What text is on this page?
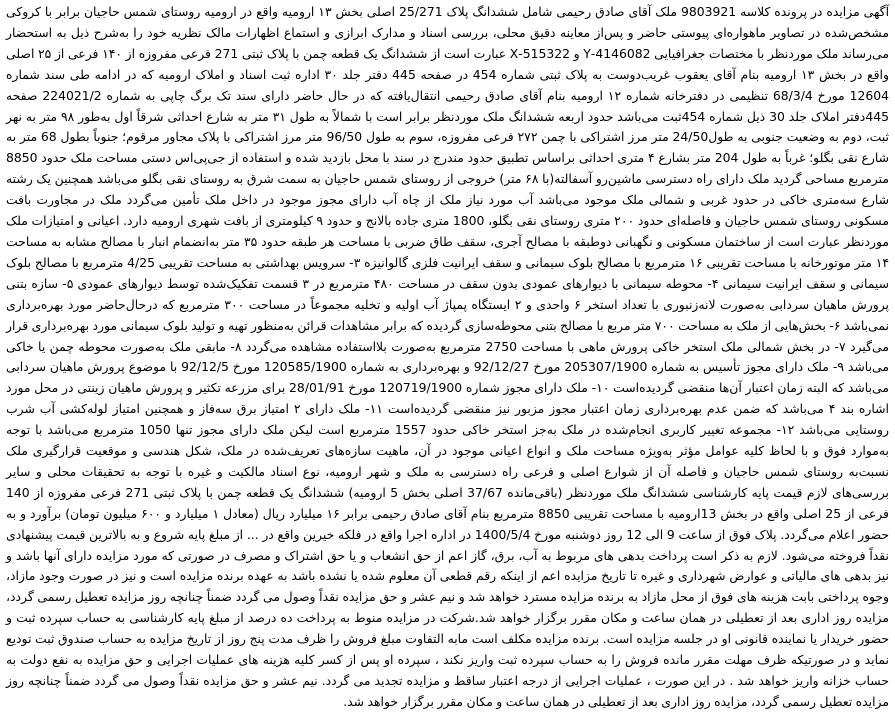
آگهی مزایده در پرونده کلاسه 9803921 ملک آقای صادق رحیمی شامل ششدانگ پلاک 25/271 اصلی بخش ۱۳ ارومیه واقع در ارومیه روستای شمس حاجیان برابر با کروکی مشخص‌شده در تصاویر ماهواره‌ای پیوستی حاضر و پس‌از معاینه دقیق محلی، بررسی اسناد و مدارک ابرازی و استماع اظهارات مالک نظریه خود را به‌شرح ذیل به استحضار می‌رساند ملک موردنظر با مختصات جغرافیایی 4146082-Y و 515322-X عبارت است از ششدانگ یک قطعه چمن با پلاک ثبتی 271 فرعی مفروزه از ۱۴۰ فرعی از ۲۵ اصلی واقع در بخش ۱۳ ارومیه بنام آقای یعقوب غریب‌دوست به پلاک ثبتی شماره 454 در صفحه 445 دفتر جلد ۳۰ اداره ثبت اسناد و املاک ارومیه که در ادامه طی سند شماره 12604 مورخ 68/3/4 تنظیمی در دفترخانه شماره ۱۲ ارومیه بنام آقای صادق رحیمی انتقال‌یافته که در حال حاضر دارای سند تک برگ چاپی به شماره 224021/2 صفحه 445دفتر املاک جلد 30 ذیل شماره 454ثبت می‌باشد حدود اربعه ششدانگ ملک موردنظر برابر است با شمالاً به طول ۳۱ متر به شارع احداثی شرقاً اول به‌طور ۹۸ متر به نهر ثبت، دوم به وضعیت جنوبی به طول24/50 متر مرز اشتراکی با چمن ۲۷۲ فرعی مفروزه، سوم به طول 96/50 متر مرز اشتراکی با پلاک مجاور مرقوم؛ جنوباً بطول 68 متر به شارع نقی بگلو؛ غرباً به طول 204 متر بشارع ۴ متری احداثی براساس تطبیق حدود مندرج در سند با محل بازدید شده و استفاده از جی‌پی‌اس دستی مساحت ملک حدود 8850 مترمربع مساحی گردید ملک دارای راه دسترسی ماشین‌رو آسفالته(با ۶۸ متر) خروجی از روستای شمس حاجیان به سمت شرق به روستای نقی بگلو می‌باشد همچنین یک رشته شارع سه‌متری خاکی در حدود غربی و شمالی ملک موجود می‌باشد آب مورد نیاز ملک از چاه آب دارای مجوز موجود در داخل ملک تأمین می‌گردد ملک در مجاورت بافت مسکونی روستای شمس حاجیان و فاصله‌ای حدود ۲۰۰ متری روستای نقی بگلو، 1800 متری جاده بالانج و حدود ۹ کیلومتری از بافت شهری ارومیه دارد. اعیانی و امتیازات ملک موردنظر عبارت است از ساختمان مسکونی و نگهبانی دوطبقه با مصالح آجری، سقف طاق ضربی با مساحت هر طبقه حدود ۳۵ متر به‌انضمام انبار با مصالح مشابه به مساحت ۱۴ متر موتورخانه با مساحت تقریبی ۱۶ مترمربع با مصالح بلوک سیمانی و سقف ایرانیت فلزی گالوانیزه ۳- سرویس بهداشتی به مساحت تقریبی 4/25 مترمربع با مصالح بلوک سیمانی و سقف ایرانیت سیمانی ۴- محوطه سیمانی با دیوارهای عمودی بدون سقف در مساحت ۴۸۰ مترمربع در ۳ قسمت تفکیک‌شده توسط دیوارهای عمودی ۵- سازه بتنی پرورش ماهیان سردابی به‌صورت لانه‌زنبوری با تعداد استخر ۶ واحدی و ۲ ایستگاه پمپاژ آب اولیه و تخلیه مجموعاً در مساحت ۳۰۰ مترمربع که درحال‌حاضر مورد بهره‌برداری نمی‌باشد ۶- بخش‌هایی از ملک به مساحت ۷۰۰ متر مربع با مصالح بتنی محوطه‌سازی گردیده که برابر مشاهدات قرائن به‌منظور تهیه و تولید بلوک سیمانی مورد بهره‌برداری قرار می‌گیرد ۷- در بخش شمالی ملک استخر خاکی پرورش ماهی با مساحت 2750 مترمربع به‌صورت بلااستفاده مشاهده می‌گردد ۸- مابقی ملک به‌صورت محوطه چمن یا خاکی می‌باشد ۹- ملک دارای مجوز تأسیس به شماره 205307/1900 مورخ 92/12/27 و بهره‌برداری به شماره 120585/1900 مورخ 92/12/5 با موضوع پرورش ماهیان سردابی می‌باشد که البته زمان اعتبار آن‌ها منقضی گردیده‌است ۱۰- ملک دارای مجوز شماره 120719/1900 مورخ 28/01/91 برای مزرعه تکثیر و پرورش ماهیان زینتی در محل مورد اشاره بند ۴ می‌باشد که ضمن عدم بهره‌برداری زمان اعتبار مجوز مزبور نیز منقضی گردیده‌است ۱۱- ملک دارای ۲ امتیاز برق سه‌فاز و همچنین امتیاز لوله‌کشی آب شرب روستایی می‌باشد ۱۲- مجموعه تغییر کاربری انجام‌شده در ملک به‌جز استخر خاکی حدود 1557 مترمربع است لیکن ملک دارای مجوز تنها 1050 مترمربع می‌باشد با توجه به‌موارد فوق و با لحاظ کلیه عوامل مؤثر به‌ویژه مساحت ملک و انواع اعیانی موجود در آن، ماهیت سازه‌های تعریف‌شده در ملک، شکل هندسی و موقعیت قرارگیری ملک نسبت‌به روستای شمس حاجیان و فاصله آن از شوارع اصلی و فرعی راه دسترسی به ملک و شهر ارومیه، نوع اسناد مالکیت و غیره با توجه به تحقیقات محلی و سایر بررسی‌های لازم قیمت پایه کارشناسی ششدانگ ملک موردنظر (باقی‌مانده 37/67 اصلی بخش 5 ارومیه) ششدانگ یک قطعه چمن با پلاک ثبتی 271 فرعی مفروزه از 140 فرعی از 25 اصلی واقع در بخش 13ارومیه با مساحت تقریبی 8850 مترمربع بنام آقای صادق رحیمی برابر ۱۶ میلیارد ریال (معادل ۱ میلیارد و ۶۰۰ میلیون تومان) برآورد و به حضور اعلام می‌گردد. پلاک فوق از ساعت 9 الی 12 روز دوشنبه مورخ 1400/5/4 در اداره اجرا واقع در فلکه خیرین واقع در ... از مبلغ پایه شروع و به بالاترین قیمت پیشنهادی نقداً فروخته می‌شود. لازم به ذکر است پرداخت بدهی های مربوط به آب، برق، گاز اعم از حق انشعاب و یا حق اشتراک و مصرف در صورتی که مورد مزایده دارای آنها باشد و نیز بدهی های مالیاتی و عوارض شهرداری و غیره تا تاریخ مزایده اعم از اینکه رقم قطعی آن معلوم شده یا نشده باشد به عهده برنده مزایده است و نیز در صورت وجود مازاد، وجوه پرداختی بابت هزینه های فوق از محل مازاد به برنده مزایده مسترد خواهد شد و نیم عشر و حق مزایده نقداً وصول می گردد ضمناً چنانچه روز مزایده تعطیل رسمی گردد، مزایده روز اداری بعد از تعطیلی در همان ساعت و مکان مقرر برگزار خواهد شد.شرکت در مزایده منوط به پرداخت ده درصد از مبلغ پایه کارشناسی به حساب سپرده ثبت و حضور خریدار یا نماینده قانونی او در جلسه مزایده است. برنده مزایده مکلف است مابه التفاوت مبلغ فروش را ظرف مدت پنج روز از تاریخ مزایده به حساب صندوق ثبت تودیع نماید و در صورتیکه ظرف مهلت مقرر مانده فروش را به حساب سپرده ثبت واریز نکند ، سپرده او پس از کسر کلیه هزینه های عملیات اجرایی و حق مزایده به نفع دولت به حساب خزانه واریز خواهد شد . در این صورت ، عملیات اجرایی از درجه اعتبار ساقط و مزایده تجدید می گردد. نیم عشر و حق مزایده نقداً وصول می گردد ضمناً چنانچه روز مزایده تعطیل رسمی گردد، مزایده روز اداری بعد از تعطیلی در همان ساعت و مکان مقرر برگزار خواهد شد.
